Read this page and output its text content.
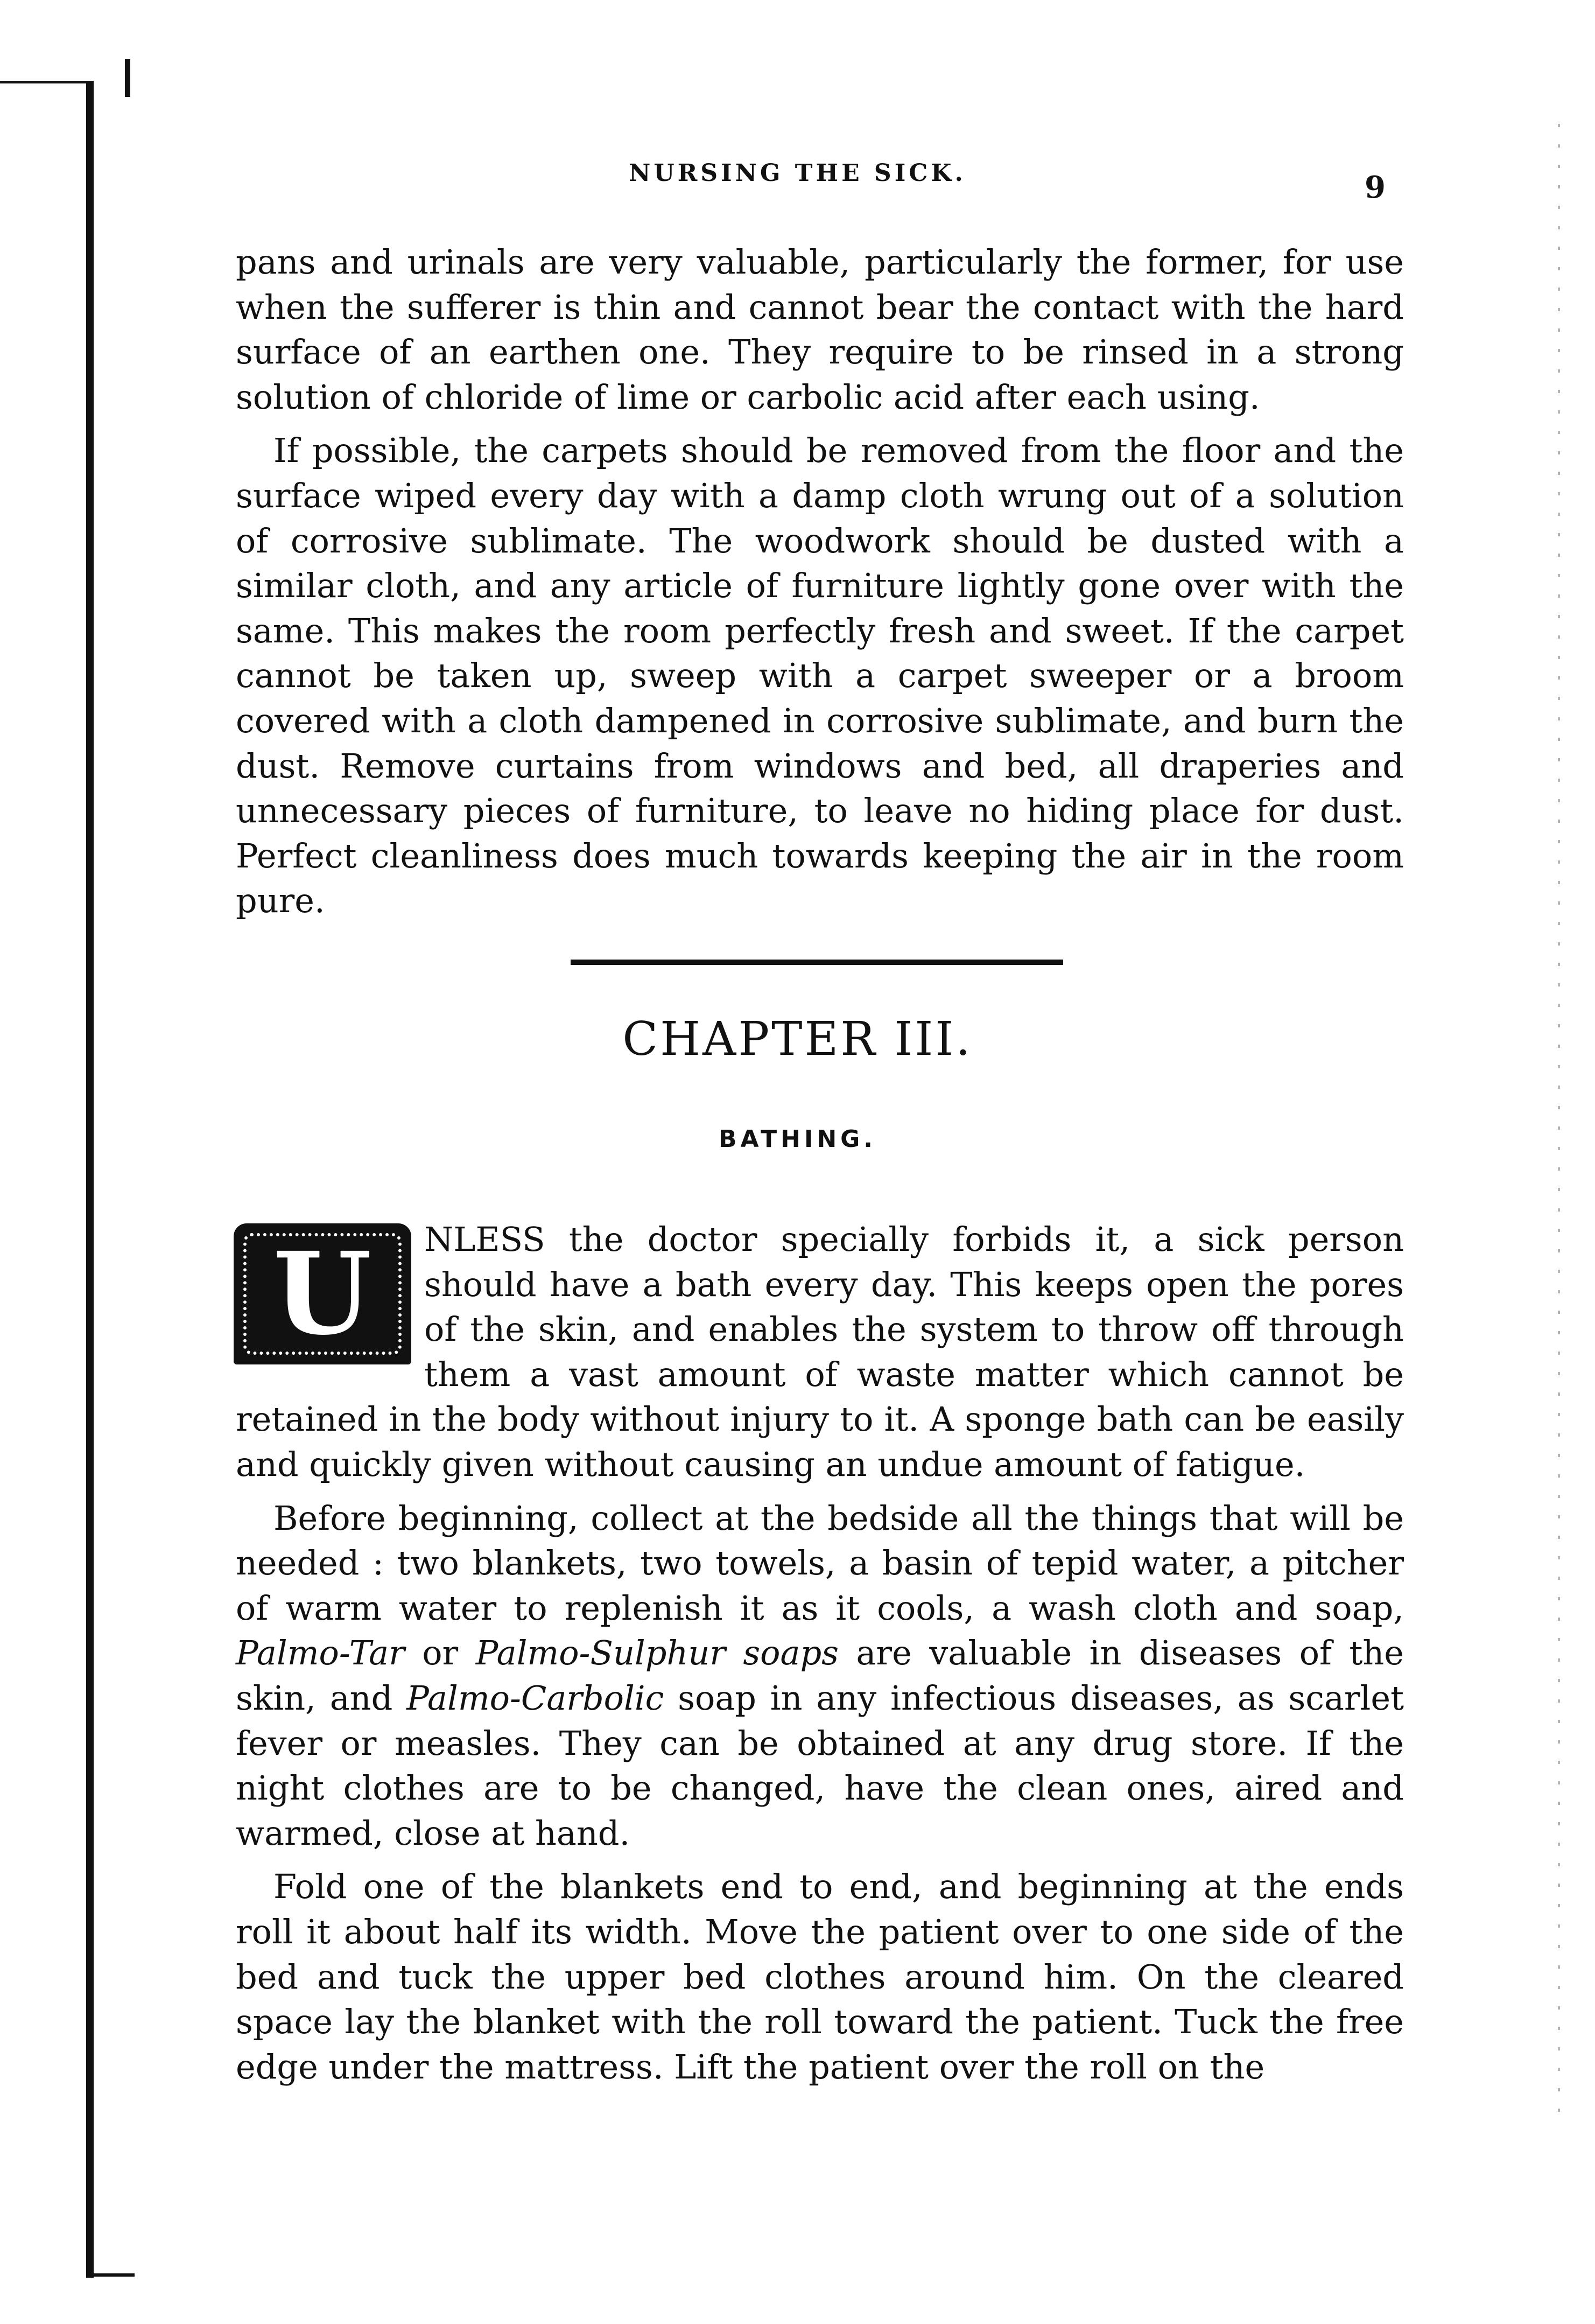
NURSING THE SICK.	9

pans and urinals are very valuable, particularly the former, for use when the sufferer is thin and cannot bear the contact with the hard surface of an earthen one. They require to be rinsed in a strong solution of chloride of lime or carbolic acid after each using.

If possible, the carpets should be removed from the floor and the surface wiped every day with a damp cloth wrung out of a solution of corrosive sublimate. The woodwork should be dusted with a similar cloth, and any article of furniture lightly gone over with the same. This makes the room perfectly fresh and sweet. If the carpet cannot be taken up, sweep with a carpet sweeper or a broom covered with a cloth dampened in corrosive sublimate, and burn the dust. Remove curtains from windows and bed, all draperies and unnecessary pieces of furniture, to leave no hiding place for dust. Perfect cleanliness does much towards keeping the air in the room pure.

CHAPTER III.
BATHING.
U	NLESS the doctor specially forbids it, a sick person should have a bath every day. This keeps open the pores of the skin, and enables the system to throw off through them a vast amount of waste matter which cannot be retained in the body without injury to it. A sponge bath can be easily and quickly given without causing an undue amount of fatigue.

Before beginning, collect at the bedside all the things that will be needed : two blankets, two towels, a basin of tepid water, a pitcher of warm water to replenish it as it cools, a wash cloth and soap, Palmo-Tar or Palmo-Sulphur soaps are valuable in diseases of the skin, and Palmo-Carbolic soap in any infectious diseases, as scarlet fever or measles. They can be obtained at any drug store. If the night clothes are to be changed, have the clean ones, aired and warmed, close at hand.

Fold one of the blankets end to end, and beginning at the ends roll it about half its width. Move the patient over to one side of the bed and tuck the upper bed clothes around him. On the cleared space lay the blanket with the roll toward the patient. Tuck the free edge under the mattress. Lift the patient over the roll on the
